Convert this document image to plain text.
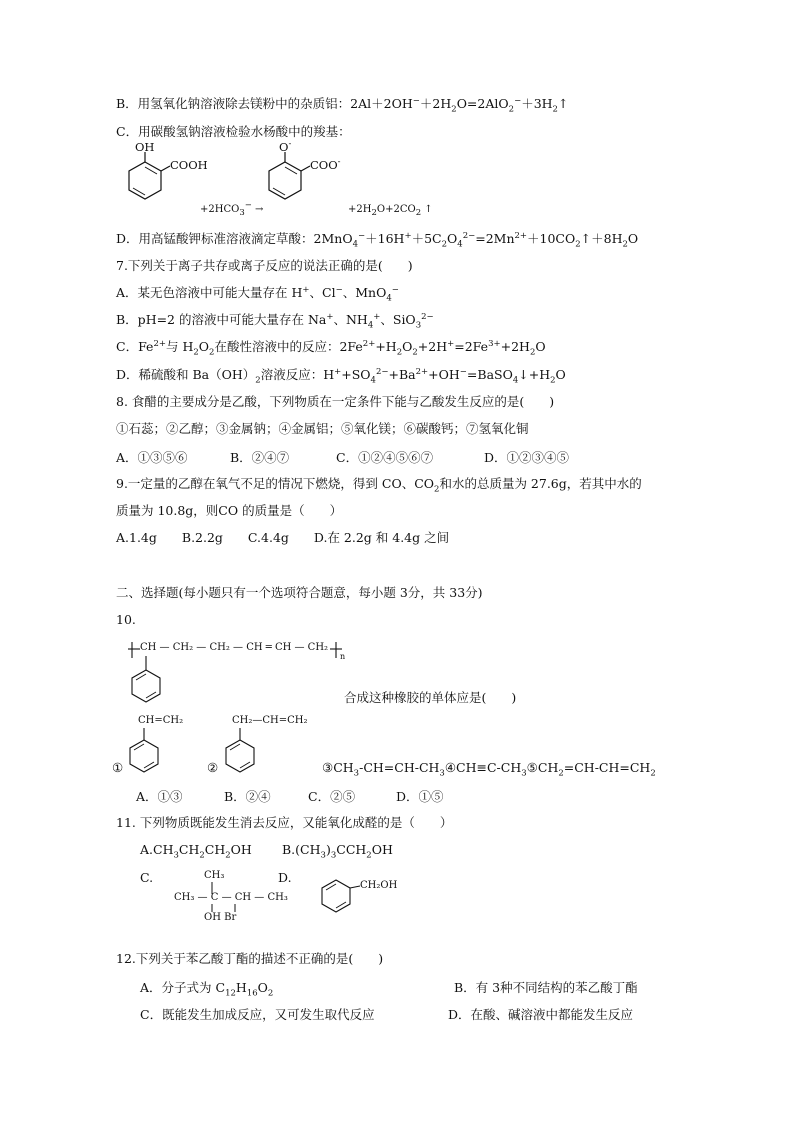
B．用氢氧化钠溶液除去镁粉中的杂质铝：$2Al+2OH^-+2H_2O=2AlO_2^-+3H_2↑$
C．用碳酸氢钠溶液检验水杨酸中的羧基：
OH
COOH
$+2HCO_3^-$ →
O-
COO-
$+2H_2O+2CO_2$ ↑
D．用高锰酸钾标准溶液滴定草酸：$2MnO_4^-+16H^++5C_2O_4^{2-}=2Mn^{2+}+10CO_2↑+8H_2O$
7.下列关于离子共存或离子反应的说法正确的是(　　)
A．某无色溶液中可能大量存在 H+、Cl−、MnO$_4$−
B．pH=2 的溶液中可能大量存在 Na+、$NH_4^+$、SiO$_3^{2-}$
C．$Fe^{2+}$与 $H_2O_2$在酸性溶液中的反应：$2Fe^{2+}+H_2O_2+2H^+=2Fe^{3+}+2H_2O$
D．稀硫酸和 $Ba(OH)_2$溶液反应：$H^++SO_4^{2-}+Ba^{2+}+OH^-=BaSO_4↓+H_2O$
8. 食醋的主要成分是乙酸，下列物质在一定条件下能与乙酸发生反应的是(　　)
①石蕊；②乙醇；③金属钠；④金属铝；⑤氧化镁；⑥碳酸钙；⑦氢氧化铜
A．①③⑤⑥	B．②④⑦	C．①②④⑤⑥⑦	D．①②③④⑤
9.一定量的乙醇在氧气不足的情况下燃烧，得到 CO、$CO_2$和水的总质量为 27.6g，若其中水的
质量为 10.8g，则CO 的质量是（　　）
A.1.4g　　B.2.2g　　C.4.4g　　D.在 2.2g 和 4.4g 之间
二、选择题(每小题只有一个选项符合题意，每小题 3分，共 33分)
10.
CH — CH₂ — CH₂ — CH ═ CH — CH₂
n
合成这种橡胶的单体应是(　　)
CH=CH₂
①
CH₂—CH=CH₂
②	$③CH_3-CH=CH-CH_3④CH\equiv C-CH_3⑤CH_2=CH-CH=CH_2$
A．①③	B．②④	C．②⑤	D．①⑤
11. 下列物质既能发生消去反应，又能氧化成醛的是（　　）
$A.CH_3CH_2CH_2OH$ $B.(CH_3)_3CCH_2OH$
C.	D.
CH₃
CH₃ — C — CH — CH₃
OH Br
CH₂OH
12.下列关于苯乙酸丁酯的描述不正确的是(　　)
A．分子式为 $C_{12}H_{16}O_2$	B．有 3种不同结构的苯乙酸丁酯
C．既能发生加成反应，又可发生取代反应	D．在酸、碱溶液中都能发生反应
